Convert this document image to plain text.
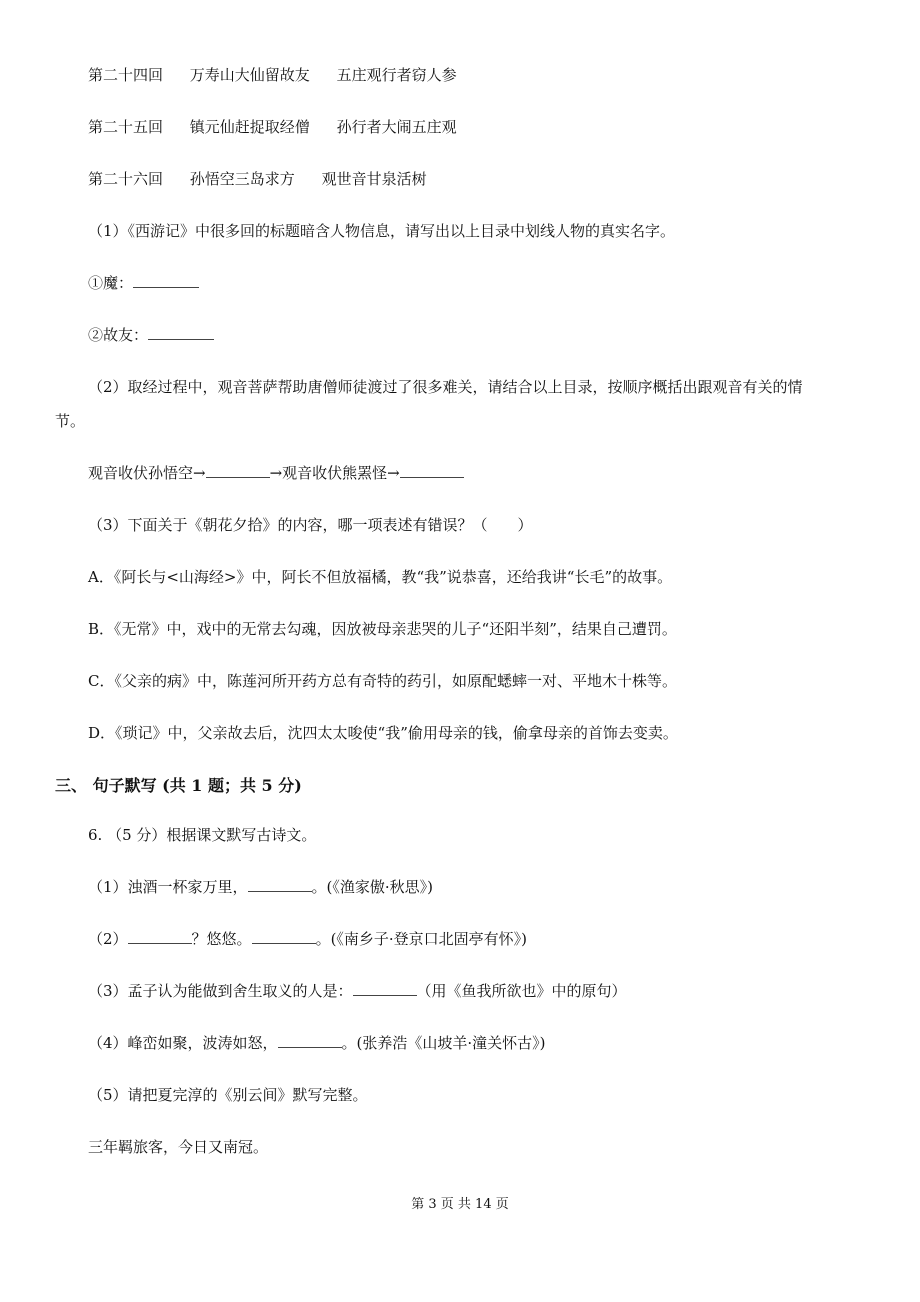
第二十四回 万寿山大仙留故友 五庄观行者窃人参
第二十五回 镇元仙赶捉取经僧 孙行者大闹五庄观
第二十六回 孙悟空三岛求方 观世音甘泉活树
（1）《西游记》中很多回的标题暗含人物信息，请写出以上目录中划线人物的真实名字。
①魔：
②故友：
（2）取经过程中，观音菩萨帮助唐僧师徒渡过了很多难关，请结合以上目录，按顺序概括出跟观音有关的情
节。
观音收伏孙悟空→	→观音收伏熊罴怪→
（3）下面关于《朝花夕拾》的内容，哪一项表述有错误？（　　）
A．《阿长与<山海经>》中，阿长不但放福橘，教“我”说恭喜，还给我讲“长毛”的故事。
B．《无常》中，戏中的无常去勾魂，因放被母亲悲哭的儿子“还阳半刻”，结果自己遭罚。
C．《父亲的病》中，陈莲河所开药方总有奇特的药引，如原配蟋蟀一对、平地木十株等。
D．《琐记》中，父亲故去后，沈四太太唆使“我”偷用母亲的钱，偷拿母亲的首饰去变卖。
三、 句子默写 (共 1 题；共 5 分)
6. （5 分）根据课文默写古诗文。
（1）浊酒一杯家万里，	。(《渔家傲·秋思》)
（2）	？悠悠。	。(《南乡子·登京口北固亭有怀》)
（3）孟子认为能做到舍生取义的人是：	（用《鱼我所欲也》中的原句）
（4）峰峦如聚，波涛如怒，	。(张养浩《山坡羊·潼关怀古》)
（5）请把夏完淳的《别云间》默写完整。
三年羁旅客，今日又南冠。
第 3 页 共 14 页
